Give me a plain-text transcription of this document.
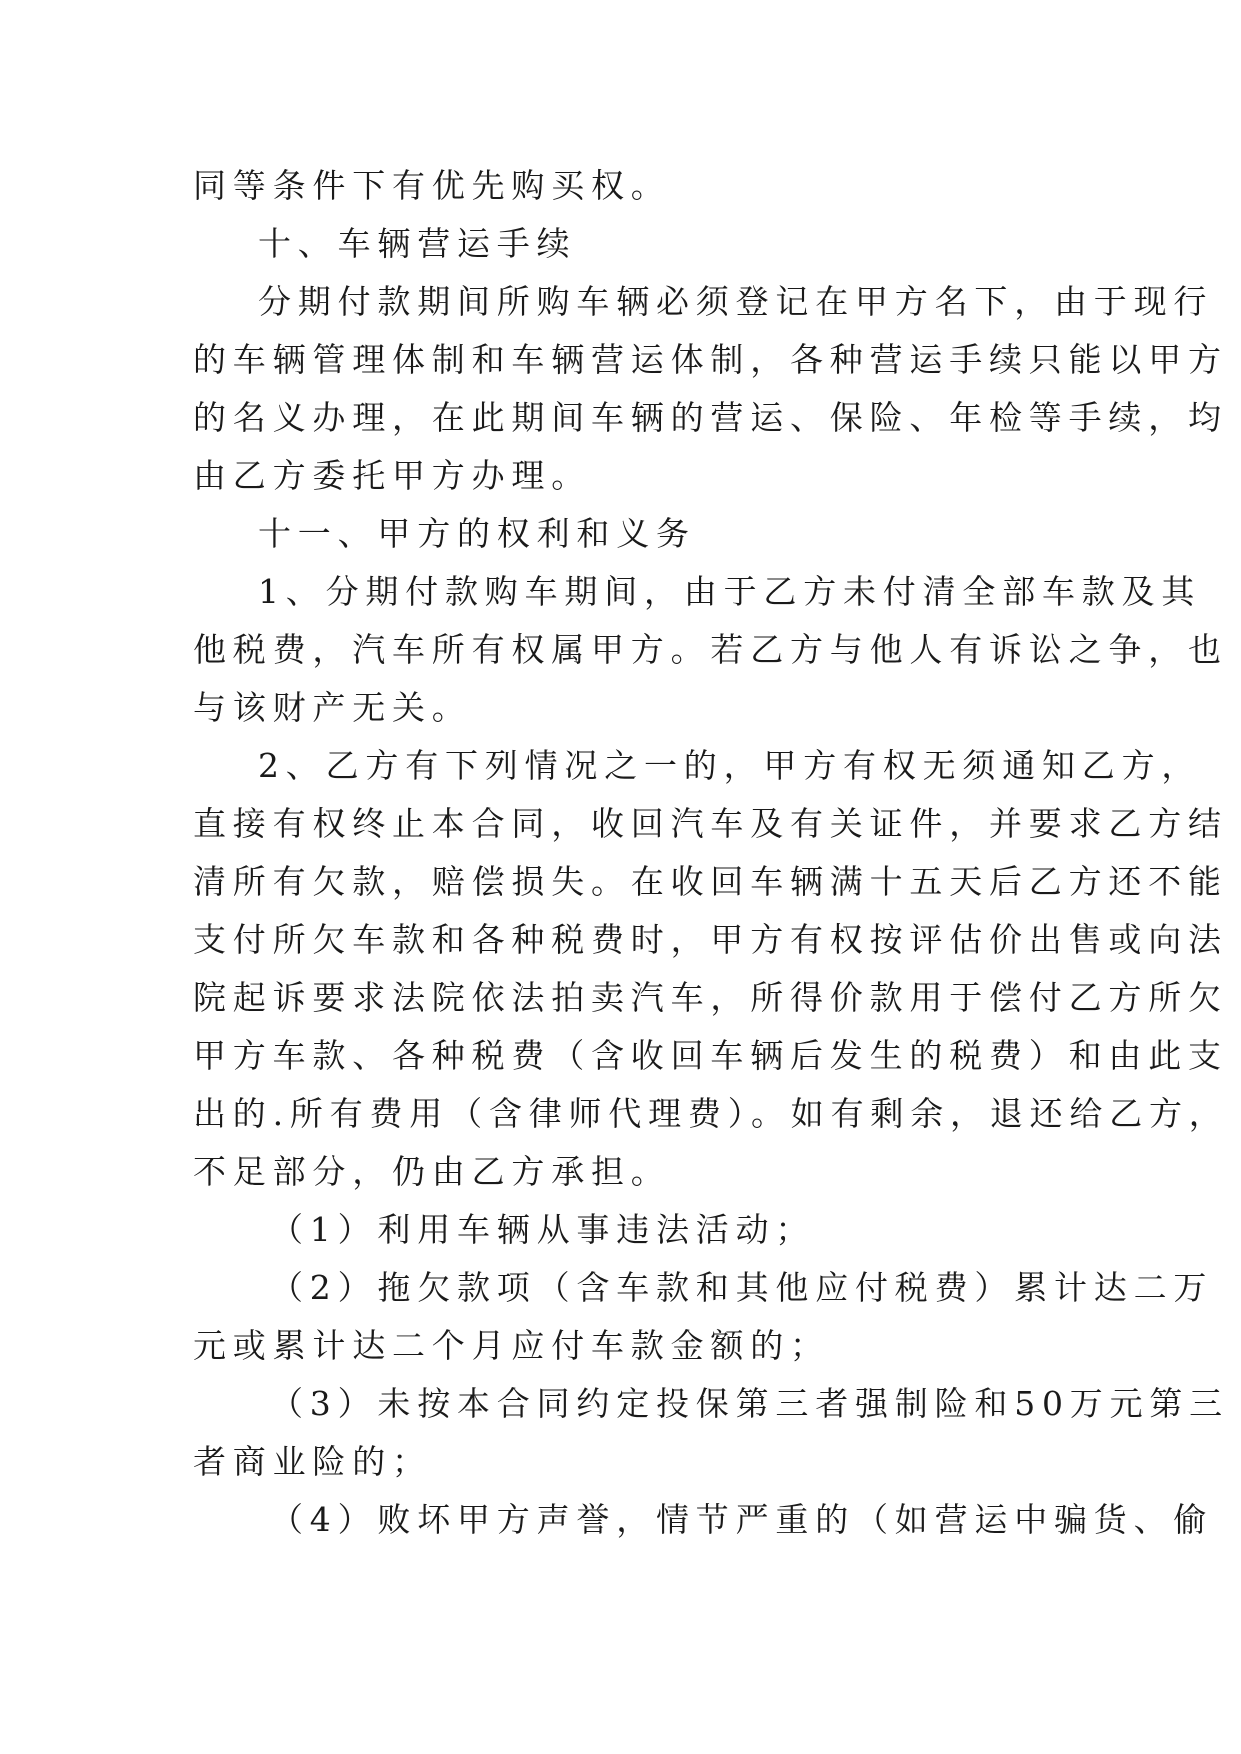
同等条件下有优先购买权。
十、车辆营运手续
分期付款期间所购车辆必须登记在甲方名下，由于现行
的车辆管理体制和车辆营运体制，各种营运手续只能以甲方
的名义办理，在此期间车辆的营运、保险、年检等手续，均
由乙方委托甲方办理。
十一、甲方的权利和义务
1、分期付款购车期间，由于乙方未付清全部车款及其
他税费，汽车所有权属甲方。若乙方与他人有诉讼之争，也
与该财产无关。
2、乙方有下列情况之一的，甲方有权无须通知乙方，
直接有权终止本合同，收回汽车及有关证件，并要求乙方结
清所有欠款，赔偿损失。在收回车辆满十五天后乙方还不能
支付所欠车款和各种税费时，甲方有权按评估价出售或向法
院起诉要求法院依法拍卖汽车，所得价款用于偿付乙方所欠
甲方车款、各种税费（含收回车辆后发生的税费）和由此支
出的.所有费用（含律师代理费）。如有剩余，退还给乙方，
不足部分，仍由乙方承担。
（1）利用车辆从事违法活动；
（2）拖欠款项（含车款和其他应付税费）累计达二万
元或累计达二个月应付车款金额的；
（3）未按本合同约定投保第三者强制险和50万元第三
者商业险的；
（4）败坏甲方声誉，情节严重的（如营运中骗货、偷
